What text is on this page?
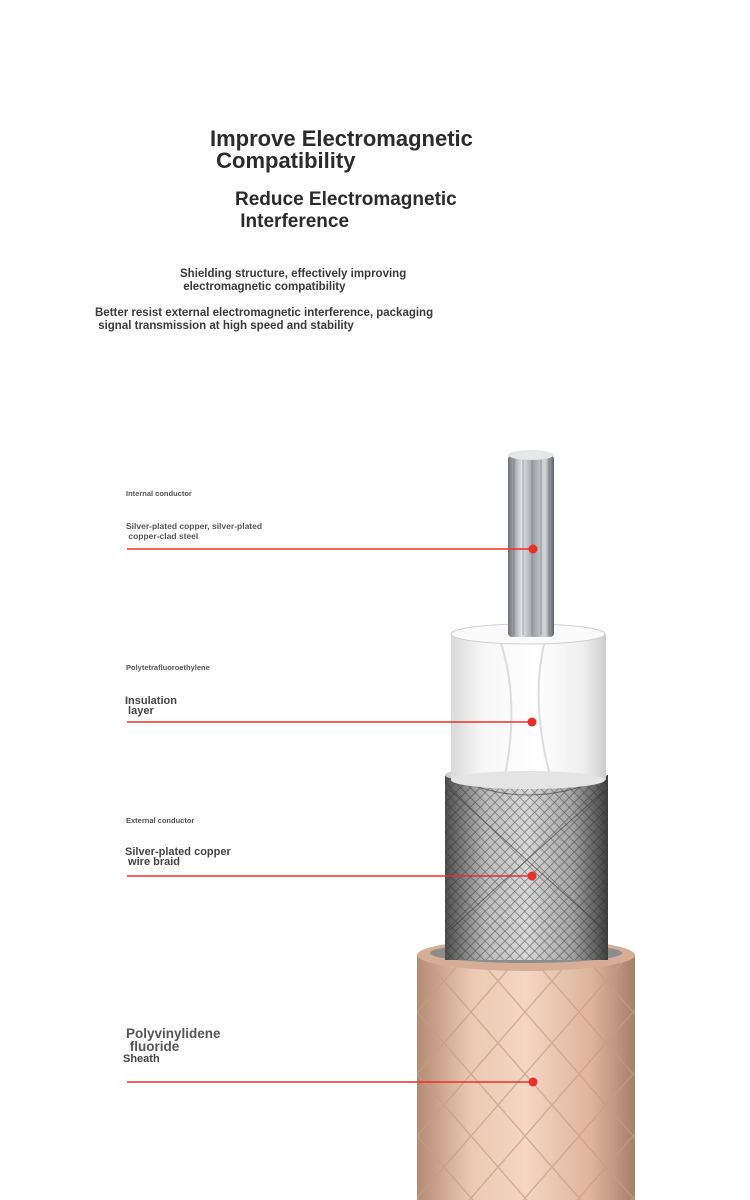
Improve Electromagnetic
Compatibility
Reduce Electromagnetic
Interference
Shielding structure, effectively improving
electromagnetic compatibility
Better resist external electromagnetic interference, packaging
signal transmission at high speed and stability
Internal conductor
Silver-plated copper, silver-plated
copper-clad steel
Polytetrafluoroethylene
Insulation
layer
External conductor
Silver-plated copper
wire braid
Polyvinylidene
fluoride
Sheath
